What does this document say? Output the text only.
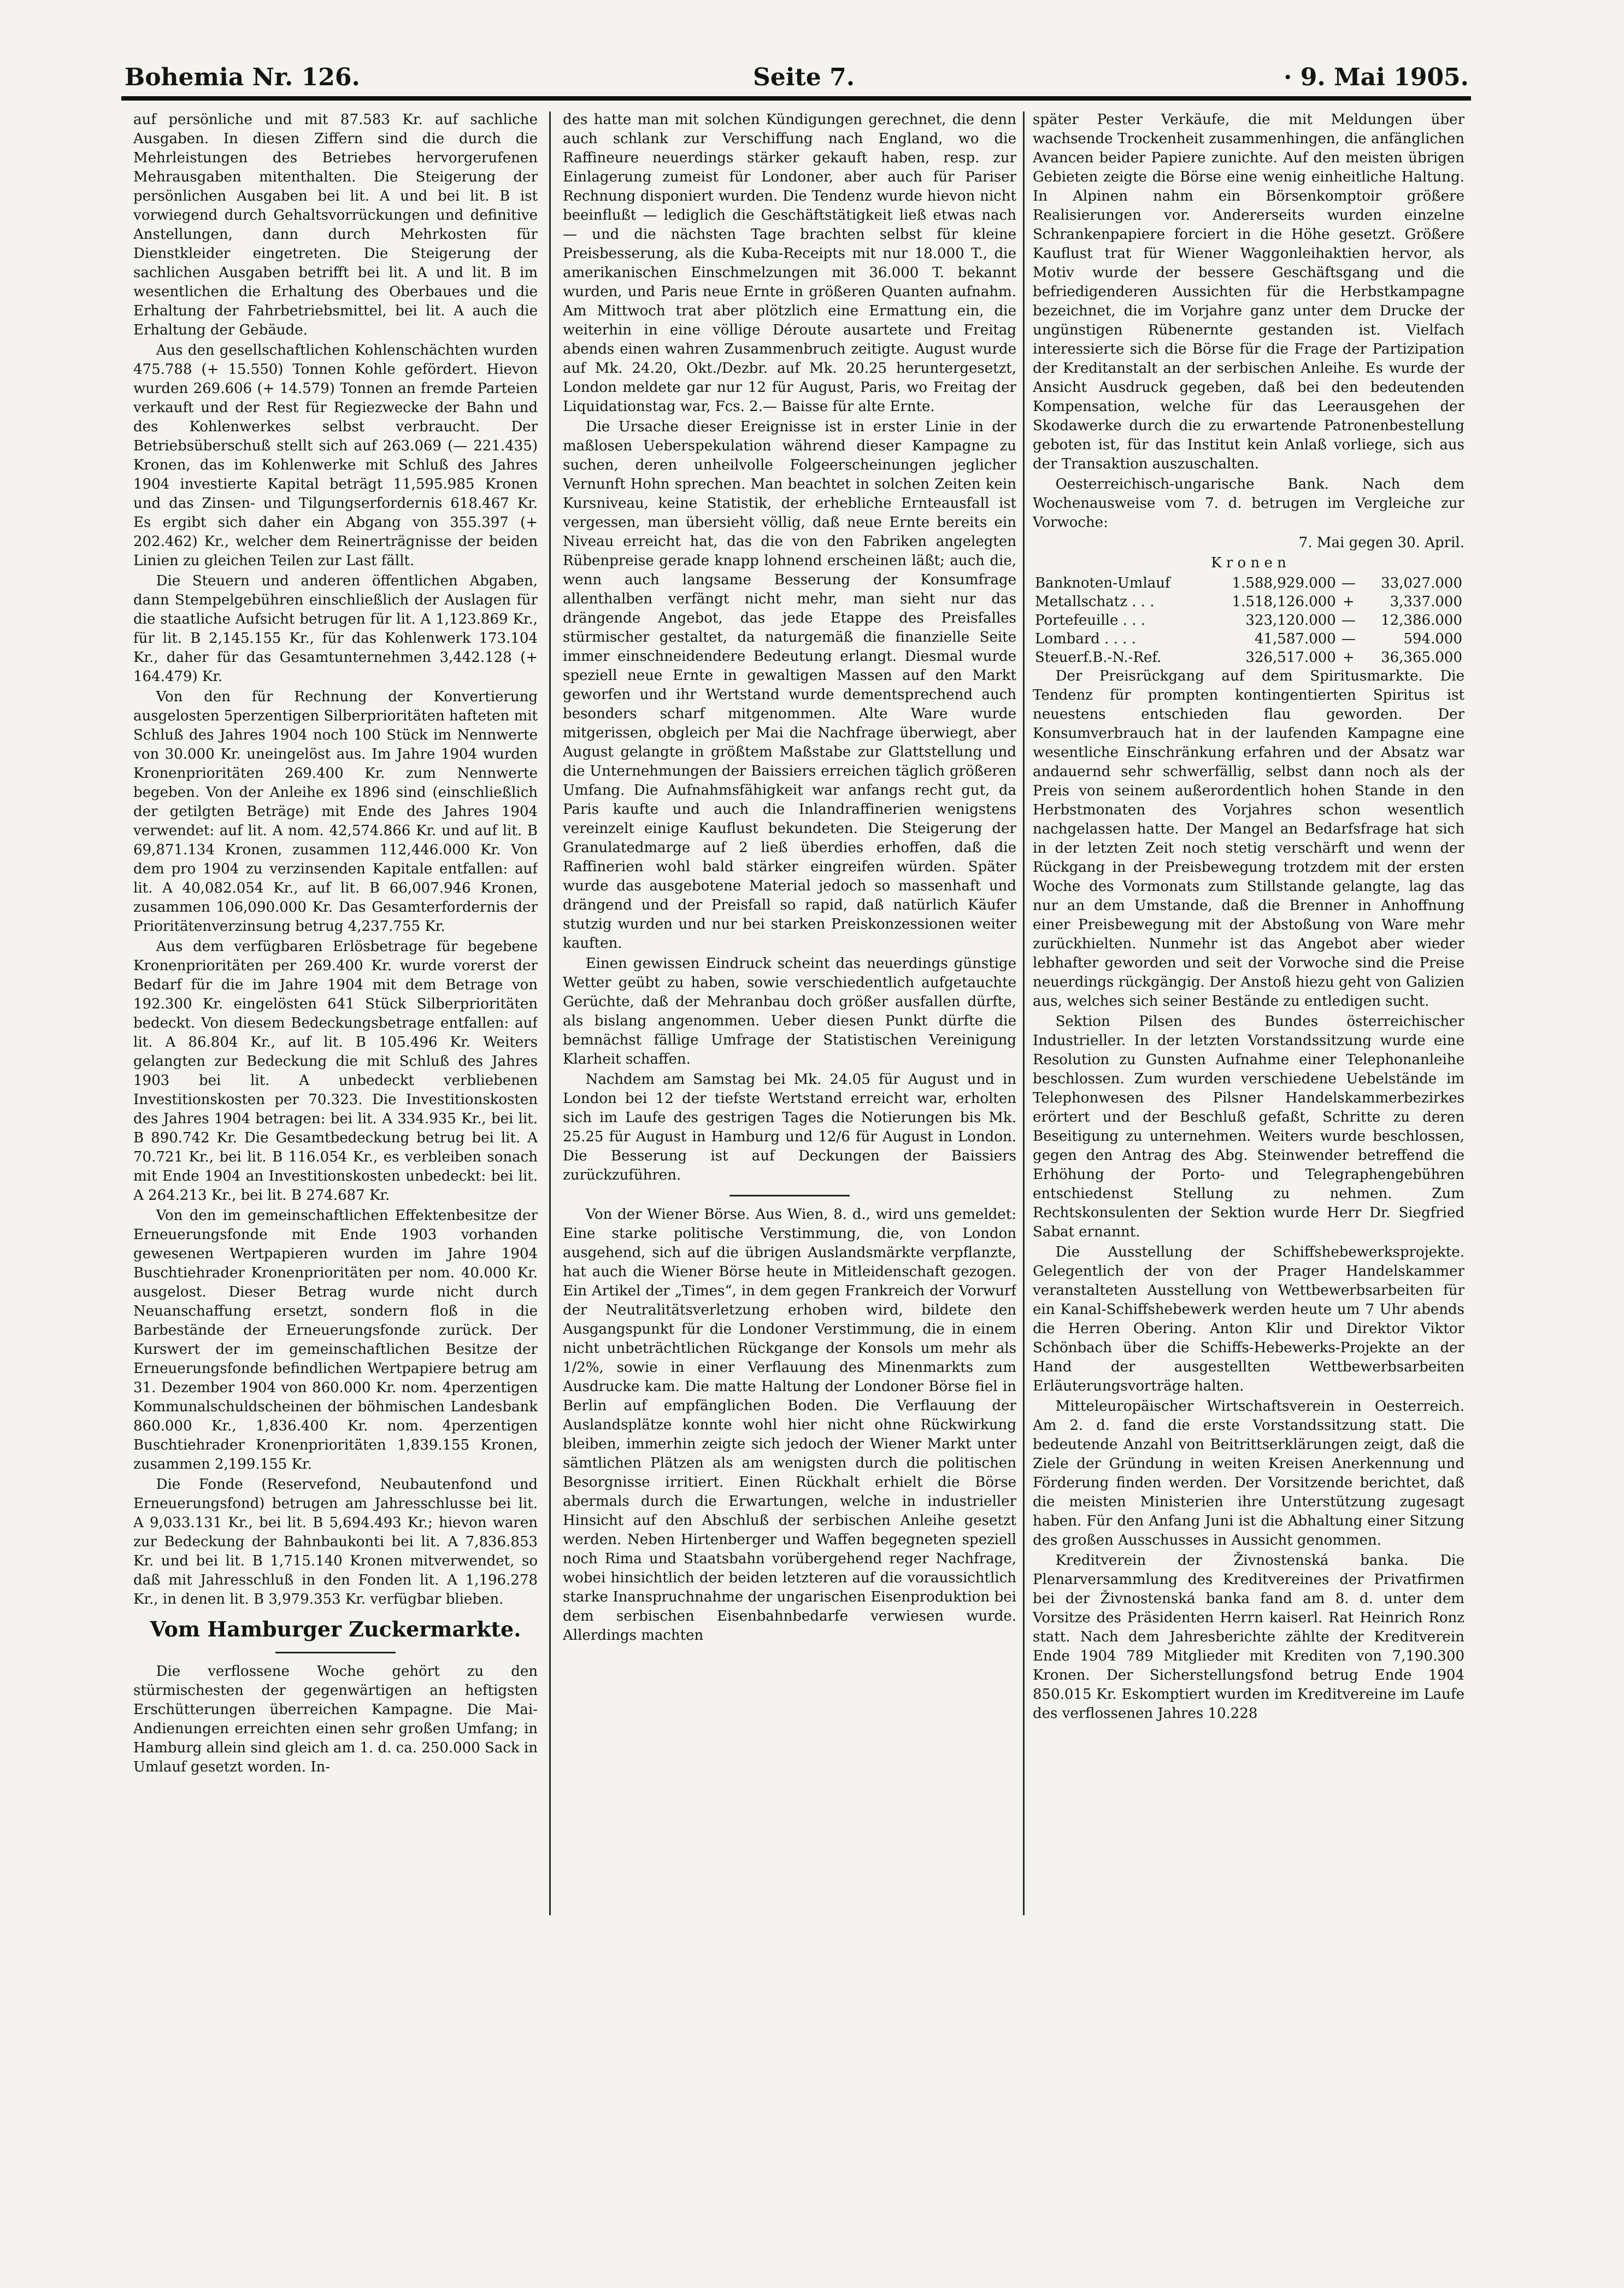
Bohemia Nr. 126.	Seite 7.	· 9. Mai 1905.

auf persönliche und mit 87.583 Kr. auf sachliche Ausgaben. In diesen Ziffern sind die durch die Mehrleistungen des Betriebes hervorgerufenen Mehrausgaben mitenthalten. Die Steigerung der persönlichen Ausgaben bei lit. A und bei lit. B ist vorwiegend durch Gehaltsvorrückungen und definitive Anstellungen, dann durch Mehrkosten für Dienstkleider eingetreten. Die Steigerung der sachlichen Ausgaben betrifft bei lit. A und lit. B im wesentlichen die Erhaltung des Oberbaues und die Erhaltung der Fahrbetriebsmittel, bei lit. A auch die Erhaltung der Gebäude.

Aus den gesellschaftlichen Kohlenschächten wurden 475.788 (+ 15.550) Tonnen Kohle gefördert. Hievon wurden 269.606 (+ 14.579) Tonnen an fremde Parteien verkauft und der Rest für Regiezwecke der Bahn und des Kohlenwerkes selbst verbraucht. Der Betriebsüberschuß stellt sich auf 263.069 (— 221.435) Kronen, das im Kohlenwerke mit Schluß des Jahres 1904 investierte Kapital beträgt 11,595.985 Kronen und das Zinsen- und Tilgungserfordernis 618.467 Kr. Es ergibt sich daher ein Abgang von 355.397 (+ 202.462) Kr., welcher dem Reinerträgnisse der beiden Linien zu gleichen Teilen zur Last fällt.

Die Steuern und anderen öffentlichen Abgaben, dann Stempelgebühren einschließlich der Auslagen für die staatliche Aufsicht betrugen für lit. A 1,123.869 Kr., für lit. B 2,145.155 Kr., für das Kohlenwerk 173.104 Kr., daher für das Gesamtunternehmen 3,442.128 (+ 164.479) Kr.

Von den für Rechnung der Konvertierung ausgelosten 5perzentigen Silberprioritäten hafteten mit Schluß des Jahres 1904 noch 100 Stück im Nennwerte von 30.000 Kr. uneingelöst aus. Im Jahre 1904 wurden Kronenprioritäten 269.400 Kr. zum Nennwerte begeben. Von der Anleihe ex 1896 sind (einschließlich der getilgten Beträge) mit Ende des Jahres 1904 verwendet: auf lit. A nom. 42,574.866 Kr. und auf lit. B 69,871.134 Kronen, zusammen 112,446.000 Kr. Von dem pro 1904 zu verzinsenden Kapitale entfallen: auf lit. A 40,082.054 Kr., auf lit. B 66,007.946 Kronen, zusammen 106,090.000 Kr. Das Gesamterfordernis der Prioritätenverzinsung betrug 4,237.755 Kr.

Aus dem verfügbaren Erlösbetrage für begebene Kronenprioritäten per 269.400 Kr. wurde vorerst der Bedarf für die im Jahre 1904 mit dem Betrage von 192.300 Kr. eingelösten 641 Stück Silberprioritäten bedeckt. Von diesem Bedeckungsbetrage entfallen: auf lit. A 86.804 Kr., auf lit. B 105.496 Kr. Weiters gelangten zur Bedeckung die mit Schluß des Jahres 1903 bei lit. A unbedeckt verbliebenen Investitionskosten per 70.323. Die Investitionskosten des Jahres 1904 betragen: bei lit. A 334.935 Kr., bei lit. B 890.742 Kr. Die Gesamtbedeckung betrug bei lit. A 70.721 Kr., bei lit. B 116.054 Kr., es verbleiben sonach mit Ende 1904 an Investitionskosten unbedeckt: bei lit. A 264.213 Kr., bei lit. B 274.687 Kr.

Von den im gemeinschaftlichen Effektenbesitze der Erneuerungsfonde mit Ende 1903 vorhanden gewesenen Wertpapieren wurden im Jahre 1904 Buschtiehrader Kronenprioritäten per nom. 40.000 Kr. ausgelost. Dieser Betrag wurde nicht durch Neuanschaffung ersetzt, sondern floß in die Barbestände der Erneuerungsfonde zurück. Der Kurswert der im gemeinschaftlichen Besitze der Erneuerungsfonde befindlichen Wertpapiere betrug am 31. Dezember 1904 von 860.000 Kr. nom. 4perzentigen Kommunalschuldscheinen der böhmischen Landesbank 860.000 Kr., 1,836.400 Kr. nom. 4perzentigen Buschtiehrader Kronenprioritäten 1,839.155 Kronen, zusammen 2,199.155 Kr.

Die Fonde (Reservefond, Neubautenfond und Erneuerungsfond) betrugen am Jahresschlusse bei lit. A 9,033.131 Kr., bei lit. B 5,694.493 Kr.; hievon waren zur Bedeckung der Bahnbaukonti bei lit. A 7,836.853 Kr. und bei lit. B 1,715.140 Kronen mitverwendet, so daß mit Jahresschluß in den Fonden lit. A 1,196.278 Kr., in denen lit. B 3,979.353 Kr. verfügbar blieben.

Vom Hamburger Zuckermarkte.

Die verflossene Woche gehört zu den stürmischesten der gegenwärtigen an heftigsten Erschütterungen überreichen Kampagne. Die Mai-Andienungen erreichten einen sehr großen Umfang; in Hamburg allein sind gleich am 1. d. ca. 250.000 Sack in Umlauf gesetzt worden. In-

des hatte man mit solchen Kündigungen gerechnet, die denn auch schlank zur Verschiffung nach England, wo die Raffineure neuerdings stärker gekauft haben, resp. zur Einlagerung zumeist für Londoner, aber auch für Pariser Rechnung disponiert wurden. Die Tendenz wurde hievon nicht beeinflußt — lediglich die Geschäftstätigkeit ließ etwas nach — und die nächsten Tage brachten selbst für kleine Preisbesserung, als die Kuba-Receipts mit nur 18.000 T., die amerikanischen Einschmelzungen mit 36.000 T. bekannt wurden, und Paris neue Ernte in größeren Quanten aufnahm. Am Mittwoch trat aber plötzlich eine Ermattung ein, die weiterhin in eine völlige Déroute ausartete und Freitag abends einen wahren Zusammenbruch zeitigte. August wurde auf Mk. 24.20, Okt./Dezbr. auf Mk. 20.25 heruntergesetzt, London meldete gar nur 12 für August, Paris, wo Freitag der Liquidationstag war, Fcs. 2.— Baisse für alte Ernte.

Die Ursache dieser Ereignisse ist in erster Linie in der maßlosen Ueberspekulation während dieser Kampagne zu suchen, deren unheilvolle Folgeerscheinungen jeglicher Vernunft Hohn sprechen. Man beachtet in solchen Zeiten kein Kursniveau, keine Statistik, der erhebliche Ernteausfall ist vergessen, man übersieht völlig, daß neue Ernte bereits ein Niveau erreicht hat, das die von den Fabriken angelegten Rübenpreise gerade knapp lohnend erscheinen läßt; auch die, wenn auch langsame Besserung der Konsumfrage allenthalben verfängt nicht mehr, man sieht nur das drängende Angebot, das jede Etappe des Preisfalles stürmischer gestaltet, da naturgemäß die finanzielle Seite immer einschneidendere Bedeutung erlangt. Diesmal wurde speziell neue Ernte in gewaltigen Massen auf den Markt geworfen und ihr Wertstand wurde dementsprechend auch besonders scharf mitgenommen. Alte Ware wurde mitgerissen, obgleich per Mai die Nachfrage überwiegt, aber August gelangte in größtem Maßstabe zur Glattstellung und die Unternehmungen der Baissiers erreichen täglich größeren Umfang. Die Aufnahmsfähigkeit war anfangs recht gut, da Paris kaufte und auch die Inlandraffinerien wenigstens vereinzelt einige Kauflust bekundeten. Die Steigerung der Granulatedmarge auf 2 ließ überdies erhoffen, daß die Raffinerien wohl bald stärker eingreifen würden. Später wurde das ausgebotene Material jedoch so massenhaft und drängend und der Preisfall so rapid, daß natürlich Käufer stutzig wurden und nur bei starken Preiskonzessionen weiter kauften.

Einen gewissen Eindruck scheint das neuerdings günstige Wetter geübt zu haben, sowie verschiedentlich aufgetauchte Gerüchte, daß der Mehranbau doch größer ausfallen dürfte, als bislang angenommen. Ueber diesen Punkt dürfte die bemnächst fällige Umfrage der Statistischen Vereinigung Klarheit schaffen.

Nachdem am Samstag bei Mk. 24.05 für August und in London bei 12 der tiefste Wertstand erreicht war, erholten sich im Laufe des gestrigen Tages die Notierungen bis Mk. 25.25 für August in Hamburg und 12/6 für August in London. Die Besserung ist auf Deckungen der Baissiers zurückzuführen.

Von der Wiener Börse. Aus Wien, 8. d., wird uns gemeldet: Eine starke politische Verstimmung, die, von London ausgehend, sich auf die übrigen Auslandsmärkte verpflanzte, hat auch die Wiener Börse heute in Mitleidenschaft gezogen. Ein Artikel der „Times“, in dem gegen Frankreich der Vorwurf der Neutralitätsverletzung erhoben wird, bildete den Ausgangspunkt für die Londoner Verstimmung, die in einem nicht unbeträchtlichen Rückgange der Konsols um mehr als 1/2%, sowie in einer Verflauung des Minenmarkts zum Ausdrucke kam. Die matte Haltung der Londoner Börse fiel in Berlin auf empfänglichen Boden. Die Verflauung der Auslandsplätze konnte wohl hier nicht ohne Rückwirkung bleiben, immerhin zeigte sich jedoch der Wiener Markt unter sämtlichen Plätzen als am wenigsten durch die politischen Besorgnisse irritiert. Einen Rückhalt erhielt die Börse abermals durch die Erwartungen, welche in industrieller Hinsicht auf den Abschluß der serbischen Anleihe gesetzt werden. Neben Hirtenberger und Waffen begegneten speziell noch Rima und Staatsbahn vorübergehend reger Nachfrage, wobei hinsichtlich der beiden letzteren auf die voraussichtlich starke Inanspruchnahme der ungarischen Eisenproduktion bei dem serbischen Eisenbahnbedarfe verwiesen wurde. Allerdings machten

später Pester Verkäufe, die mit Meldungen über wachsende Trockenheit zusammenhingen, die anfänglichen Avancen beider Papiere zunichte. Auf den meisten übrigen Gebieten zeigte die Börse eine wenig einheitliche Haltung. In Alpinen nahm ein Börsenkomptoir größere Realisierungen vor. Andererseits wurden einzelne Schrankenpapiere forciert in die Höhe gesetzt. Größere Kauflust trat für Wiener Waggonleihaktien hervor, als Motiv wurde der bessere Geschäftsgang und die befriedigenderen Aussichten für die Herbstkampagne bezeichnet, die im Vorjahre ganz unter dem Drucke der ungünstigen Rübenernte gestanden ist. Vielfach interessierte sich die Börse für die Frage der Partizipation der Kreditanstalt an der serbischen Anleihe. Es wurde der Ansicht Ausdruck gegeben, daß bei den bedeutenden Kompensation, welche für das Leerausgehen der Skodawerke durch die zu erwartende Patronenbestellung geboten ist, für das Institut kein Anlaß vorliege, sich aus der Transaktion auszuschalten.

Oesterreichisch-ungarische Bank. Nach dem Wochenausweise vom 7. d. betrugen im Vergleiche zur Vorwoche:

7. Mai gegen 30. April.

K r o n e n

Banknoten-Umlauf	1.588,929.000	—	33,027.000
Metallschatz . . .	1.518,126.000	+	3,337.000
Portefeuille . . .	323,120.000	—	12,386.000
Lombard . . . .	41,587.000	—	594.000
Steuerf.B.-N.-Ref.	326,517.000	+	36,365.000

Der Preisrückgang auf dem Spiritusmarkte. Die Tendenz für prompten kontingentierten Spiritus ist neuestens entschieden flau geworden. Der Konsumverbrauch hat in der laufenden Kampagne eine wesentliche Einschränkung erfahren und der Absatz war andauernd sehr schwerfällig, selbst dann noch als der Preis von seinem außerordentlich hohen Stande in den Herbstmonaten des Vorjahres schon wesentlich nachgelassen hatte. Der Mangel an Bedarfsfrage hat sich in der letzten Zeit noch stetig verschärft und wenn der Rückgang in der Preisbewegung trotzdem mit der ersten Woche des Vormonats zum Stillstande gelangte, lag das nur an dem Umstande, daß die Brenner in Anhoffnung einer Preisbewegung mit der Abstoßung von Ware mehr zurückhielten. Nunmehr ist das Angebot aber wieder lebhafter geworden und seit der Vorwoche sind die Preise neuerdings rückgängig. Der Anstoß hiezu geht von Galizien aus, welches sich seiner Bestände zu entledigen sucht.

Sektion Pilsen des Bundes österreichischer Industrieller. In der letzten Vorstandssitzung wurde eine Resolution zu Gunsten Aufnahme einer Telephonanleihe beschlossen. Zum wurden verschiedene Uebelstände im Telephonwesen des Pilsner Handelskammerbezirkes erörtert und der Beschluß gefaßt, Schritte zu deren Beseitigung zu unternehmen. Weiters wurde beschlossen, gegen den Antrag des Abg. Steinwender betreffend die Erhöhung der Porto- und Telegraphengebühren entschiedenst Stellung zu nehmen. Zum Rechtskonsulenten der Sektion wurde Herr Dr. Siegfried Sabat ernannt.

Die Ausstellung der Schiffshebewerksprojekte. Gelegentlich der von der Prager Handelskammer veranstalteten Ausstellung von Wettbewerbsarbeiten für ein Kanal-Schiffshebewerk werden heute um 7 Uhr abends die Herren Obering. Anton Klir und Direktor Viktor Schönbach über die Schiffs-Hebewerks-Projekte an der Hand der ausgestellten Wettbewerbsarbeiten Erläuterungsvorträge halten.

Mitteleuropäischer Wirtschaftsverein in Oesterreich. Am 2. d. fand die erste Vorstandssitzung statt. Die bedeutende Anzahl von Beitrittserklärungen zeigt, daß die Ziele der Gründung in weiten Kreisen Anerkennung und Förderung finden werden. Der Vorsitzende berichtet, daß die meisten Ministerien ihre Unterstützung zugesagt haben. Für den Anfang Juni ist die Abhaltung einer Sitzung des großen Ausschusses in Aussicht genommen.

Kreditverein der Živnostenská banka. Die Plenarversammlung des Kreditvereines der Privatfirmen bei der Živnostenská banka fand am 8. d. unter dem Vorsitze des Präsidenten Herrn kaiserl. Rat Heinrich Ronz statt. Nach dem Jahresberichte zählte der Kreditverein Ende 1904 789 Mitglieder mit Krediten von 7,190.300 Kronen. Der Sicherstellungsfond betrug Ende 1904 850.015 Kr. Eskomptiert wurden im Kreditvereine im Laufe des verflossenen Jahres 10.228
